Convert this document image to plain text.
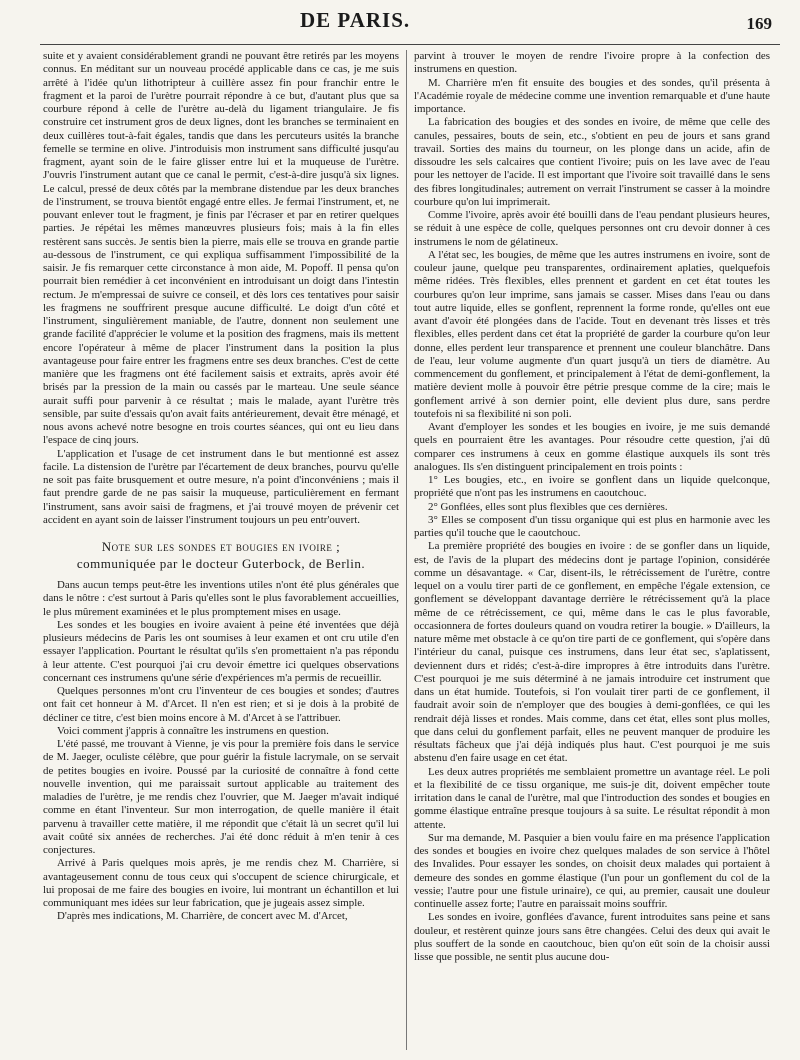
DE PARIS.	169

suite et y avaient considérablement grandi ne pouvant être retirés par les moyens connus. En méditant sur un nouveau procédé applicable dans ce cas, je me suis arrêté à l'idée qu'un lithotripteur à cuillère assez fin pour franchir entre le fragment et la paroi de l'urètre pourrait répondre à ce but, d'autant plus que sa courbure répond à celle de l'urètre au-delà du ligament triangulaire. Je fis construire cet instrument gros de deux lignes, dont les branches se terminaient en deux cuillères tout-à-fait égales, tandis que dans les percuteurs usités la branche femelle se termine en olive. J'introduisis mon instrument sans difficulté jusqu'au fragment, ayant soin de le faire glisser entre lui et la muqueuse de l'urètre. J'ouvris l'instrument autant que ce canal le permit, c'est-à-dire jusqu'à six lignes. Le calcul, pressé de deux côtés par la membrane distendue par les deux branches de l'instrument, se trouva bientôt engagé entre elles. Je fermai l'instrument, et, ne pouvant enlever tout le fragment, je finis par l'écraser et par en retirer quelques parties. Je répétai les mêmes manœuvres plusieurs fois; mais à la fin elles restèrent sans succès. Je sentis bien la pierre, mais elle se trouva en grande partie au-dessous de l'instrument, ce qui expliqua suffisamment l'impossibilité de la saisir. Je fis remarquer cette circonstance à mon aide, M. Popoff. Il pensa qu'on pourrait bien remédier à cet inconvénient en introduisant un doigt dans l'intestin rectum. Je m'empressai de suivre ce conseil, et dès lors ces tentatives pour saisir les fragmens ne souffrirent presque aucune difficulté. Le doigt d'un côté et l'instrument, singulièrement maniable, de l'autre, donnent non seulement une grande facilité d'apprécier le volume et la position des fragmens, mais ils mettent encore l'opérateur à même de placer l'instrument dans la position la plus avantageuse pour faire entrer les fragmens entre ses deux branches. C'est de cette manière que les fragmens ont été facilement saisis et extraits, après avoir été brisés par la pression de la main ou cassés par le marteau. Une seule séance aurait suffi pour parvenir à ce résultat ; mais le malade, ayant l'urètre très sensible, par suite d'essais qu'on avait faits antérieurement, devait être ménagé, et nous avons achevé notre besogne en trois courtes séances, qui ont eu lieu dans l'espace de cinq jours.

L'application et l'usage de cet instrument dans le but mentionné est assez facile. La distension de l'urètre par l'écartement de deux branches, pourvu qu'elle ne soit pas faite brusquement et outre mesure, n'a point d'inconvéniens ; mais il faut prendre garde de ne pas saisir la muqueuse, particulièrement en fermant l'instrument, sans avoir saisi de fragmens, et j'ai trouvé moyen de prévenir cet accident en ayant soin de laisser l'instrument toujours un peu entr'ouvert.

Note sur les sondes et bougies en ivoire ;
communiquée par le docteur Guterbock, de Berlin.

Dans aucun temps peut-être les inventions utiles n'ont été plus générales que dans le nôtre : c'est surtout à Paris qu'elles sont le plus favorablement accueillies, le plus mûrement examinées et le plus promptement mises en usage.

Les sondes et les bougies en ivoire avaient à peine été inventées que déjà plusieurs médecins de Paris les ont soumises à leur examen et ont cru utile d'en essayer l'application. Pourtant le résultat qu'ils s'en promettaient n'a pas répondu à leur attente. C'est pourquoi j'ai cru devoir émettre ici quelques observations concernant ces instrumens qu'une série d'expériences m'a permis de recueillir.

Quelques personnes m'ont cru l'inventeur de ces bougies et sondes; d'autres ont fait cet honneur à M. d'Arcet. Il n'en est rien; et si je dois à la probité de décliner ce titre, c'est bien moins encore à M. d'Arcet à se l'attribuer.

Voici comment j'appris à connaître les instrumens en question.

L'été passé, me trouvant à Vienne, je vis pour la première fois dans le service de M. Jaeger, oculiste célèbre, que pour guérir la fistule lacrymale, on se servait de petites bougies en ivoire. Poussé par la curiosité de connaître à fond cette nouvelle invention, qui me paraissait surtout applicable au traitement des maladies de l'urètre, je me rendis chez l'ouvrier, que M. Jaeger m'avait indiqué comme en étant l'inventeur. Sur mon interrogation, de quelle manière il était parvenu à travailler cette matière, il me répondit que c'était là un secret qu'il lui avait coûté six années de recherches. J'ai été donc réduit à m'en tenir à ces conjectures.

Arrivé à Paris quelques mois après, je me rendis chez M. Charrière, si avantageusement connu de tous ceux qui s'occupent de science chirurgicale, et lui proposai de me faire des bougies en ivoire, lui montrant un échantillon et lui communiquant mes idées sur leur fabrication, que je jugeais assez simple.

D'après mes indications, M. Charrière, de concert avec M. d'Arcet,

parvint à trouver le moyen de rendre l'ivoire propre à la confection des instrumens en question.

M. Charrière m'en fit ensuite des bougies et des sondes, qu'il présenta à l'Académie royale de médecine comme une invention remarquable et d'une haute importance.

La fabrication des bougies et des sondes en ivoire, de même que celle des canules, pessaires, bouts de sein, etc., s'obtient en peu de jours et sans grand travail. Sorties des mains du tourneur, on les plonge dans un acide, afin de dissoudre les sels calcaires que contient l'ivoire; puis on les lave avec de l'eau pour les nettoyer de l'acide. Il est important que l'ivoire soit travaillé dans le sens des fibres longitudinales; autrement on verrait l'instrument se casser à la moindre courbure qu'on lui imprimerait.

Comme l'ivoire, après avoir été bouilli dans de l'eau pendant plusieurs heures, se réduit à une espèce de colle, quelques personnes ont cru devoir donner à ces instrumens le nom de gélatineux.

A l'état sec, les bougies, de même que les autres instrumens en ivoire, sont de couleur jaune, quelque peu transparentes, ordinairement aplaties, quelquefois même ridées. Très flexibles, elles prennent et gardent en cet état toutes les courbures qu'on leur imprime, sans jamais se casser. Mises dans l'eau ou dans tout autre liquide, elles se gonflent, reprennent la forme ronde, qu'elles ont eue avant d'avoir été plongées dans de l'acide. Tout en devenant très lisses et très flexibles, elles perdent dans cet état la propriété de garder la courbure qu'on leur donne, elles perdent leur transparence et prennent une couleur blanchâtre. Dans de l'eau, leur volume augmente d'un quart jusqu'à un tiers de diamètre. Au commencement du gonflement, et principalement à l'état de demi-gonflement, la matière devient molle à pouvoir être pétrie presque comme de la cire; mais le gonflement arrivé à son dernier point, elle devient plus dure, sans perdre toutefois ni sa flexibilité ni son poli.

Avant d'employer les sondes et les bougies en ivoire, je me suis demandé quels en pourraient être les avantages. Pour résoudre cette question, j'ai dû comparer ces instrumens à ceux en gomme élastique auxquels ils sont très analogues. Ils s'en distinguent principalement en trois points :

1° Les bougies, etc., en ivoire se gonflent dans un liquide quelconque, propriété que n'ont pas les instrumens en caoutchouc.

2° Gonflées, elles sont plus flexibles que ces dernières.

3° Elles se composent d'un tissu organique qui est plus en harmonie avec les parties qu'il touche que le caoutchouc.

La première propriété des bougies en ivoire : de se gonfler dans un liquide, est, de l'avis de la plupart des médecins dont je partage l'opinion, considérée comme un désavantage. « Car, disent-ils, le rétrécissement de l'urètre, contre lequel on a voulu tirer parti de ce gonflement, en empêche l'égale extension, ce gonflement se développant davantage derrière le rétrécissement qu'à la place même de ce rétrécissement, ce qui, même dans le cas le plus favorable, occasionnera de fortes douleurs quand on voudra retirer la bougie. » D'ailleurs, la nature même met obstacle à ce qu'on tire parti de ce gonflement, qui s'opère dans l'intérieur du canal, puisque ces instrumens, dans leur état sec, s'aplatissent, deviennent durs et ridés; c'est-à-dire impropres à être introduits dans l'urètre. C'est pourquoi je me suis déterminé à ne jamais introduire cet instrument que dans un état humide. Toutefois, si l'on voulait tirer parti de ce gonflement, il faudrait avoir soin de n'employer que des bougies à demi-gonflées, ce qui les rendrait déjà lisses et rondes. Mais comme, dans cet état, elles sont plus molles, que dans celui du gonflement parfait, elles ne peuvent manquer de produire les résultats fâcheux que j'ai déjà indiqués plus haut. C'est pourquoi je me suis abstenu d'en faire usage en cet état.

Les deux autres propriétés me semblaient promettre un avantage réel. Le poli et la flexibilité de ce tissu organique, me suis-je dit, doivent empêcher toute irritation dans le canal de l'urètre, mal que l'introduction des sondes et bougies en gomme élastique entraîne presque toujours à sa suite. Le résultat répondit à mon attente.

Sur ma demande, M. Pasquier a bien voulu faire en ma présence l'application des sondes et bougies en ivoire chez quelques malades de son service à l'hôtel des Invalides. Pour essayer les sondes, on choisit deux malades qui portaient à demeure des sondes en gomme élastique (l'un pour un gonflement du col de la vessie; l'autre pour une fistule urinaire), ce qui, au premier, causait une douleur continuelle assez forte; l'autre en paraissait moins souffrir.

Les sondes en ivoire, gonflées d'avance, furent introduites sans peine et sans douleur, et restèrent quinze jours sans être changées. Celui des deux qui avait le plus souffert de la sonde en caoutchouc, bien qu'on eût soin de la choisir aussi lisse que possible, ne sentit plus aucune dou-
